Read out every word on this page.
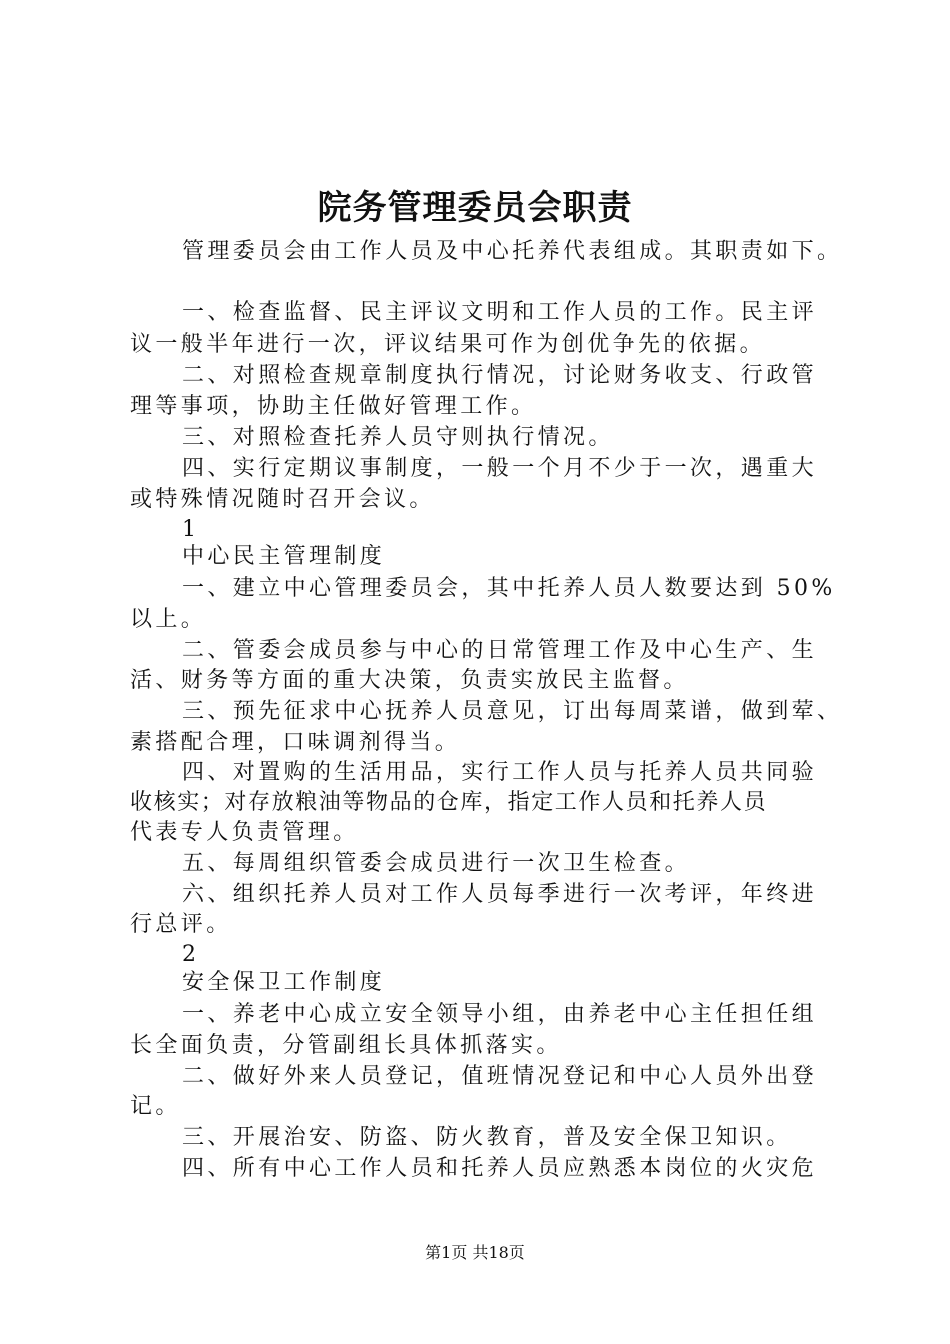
院务管理委员会职责
管理委员会由工作人员及中心托养代表组成。其职责如下。
一、检查监督、民主评议文明和工作人员的工作。民主评
议一般半年进行一次，评议结果可作为创优争先的依据。
二、对照检查规章制度执行情况，讨论财务收支、行政管
理等事项，协助主任做好管理工作。
三、对照检查托养人员守则执行情况。
四、实行定期议事制度，一般一个月不少于一次，遇重大
或特殊情况随时召开会议。
1
中心民主管理制度
一、建立中心管理委员会，其中托养人员人数要达到 50%
以上。
二、管委会成员参与中心的日常管理工作及中心生产、生
活、财务等方面的重大决策，负责实放民主监督。
三、预先征求中心抚养人员意见，订出每周菜谱，做到荤、
素搭配合理，口味调剂得当。
四、对置购的生活用品，实行工作人员与托养人员共同验
收核实；对存放粮油等物品的仓库，指定工作人员和托养人员
代表专人负责管理。
五、每周组织管委会成员进行一次卫生检查。
六、组织托养人员对工作人员每季进行一次考评，年终进
行总评。
2
安全保卫工作制度
一、养老中心成立安全领导小组，由养老中心主任担任组
长全面负责，分管副组长具体抓落实。
二、做好外来人员登记，值班情况登记和中心人员外出登
记。
三、开展治安、防盗、防火教育，普及安全保卫知识。
四、所有中心工作人员和托养人员应熟悉本岗位的火灾危
第1页 共18页
